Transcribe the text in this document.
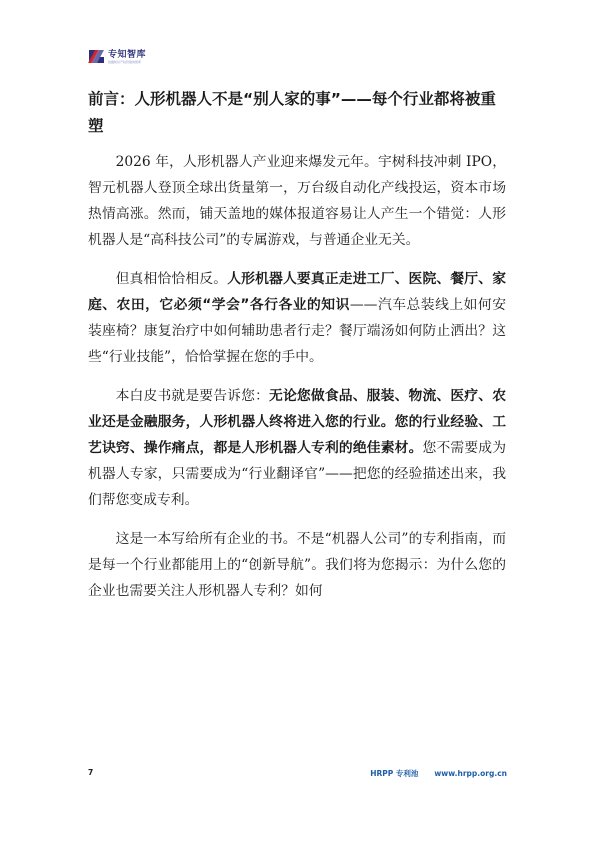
专知智库
挖掘知识产权价值的智库
前言：人形机器人不是“别人家的事”——每个行业都将被重塑

2026 年，人形机器人产业迎来爆发元年。宇树科技冲刺 IPO，智元机器人登顶全球出货量第一，万台级自动化产线投运，资本市场热情高涨。然而，铺天盖地的媒体报道容易让人产生一个错觉：人形机器人是“高科技公司”的专属游戏，与普通企业无关。

但真相恰恰相反。人形机器人要真正走进工厂、医院、餐厅、家庭、农田，它必须“学会”各行各业的知识——汽车总装线上如何安装座椅？康复治疗中如何辅助患者行走？餐厅端汤如何防止洒出？这些“行业技能”，恰恰掌握在您的手中。

本白皮书就是要告诉您：无论您做食品、服装、物流、医疗、农业还是金融服务，人形机器人终将进入您的行业。您的行业经验、工艺诀窍、操作痛点，都是人形机器人专利的绝佳素材。您不需要成为机器人专家，只需要成为“行业翻译官”——把您的经验描述出来，我们帮您变成专利。

这是一本写给所有企业的书。不是“机器人公司”的专利指南，而是每一个行业都能用上的“创新导航”。我们将为您揭示：为什么您的企业也需要关注人形机器人专利？如何

7	HRPP 专利池 www.hrpp.org.cn
